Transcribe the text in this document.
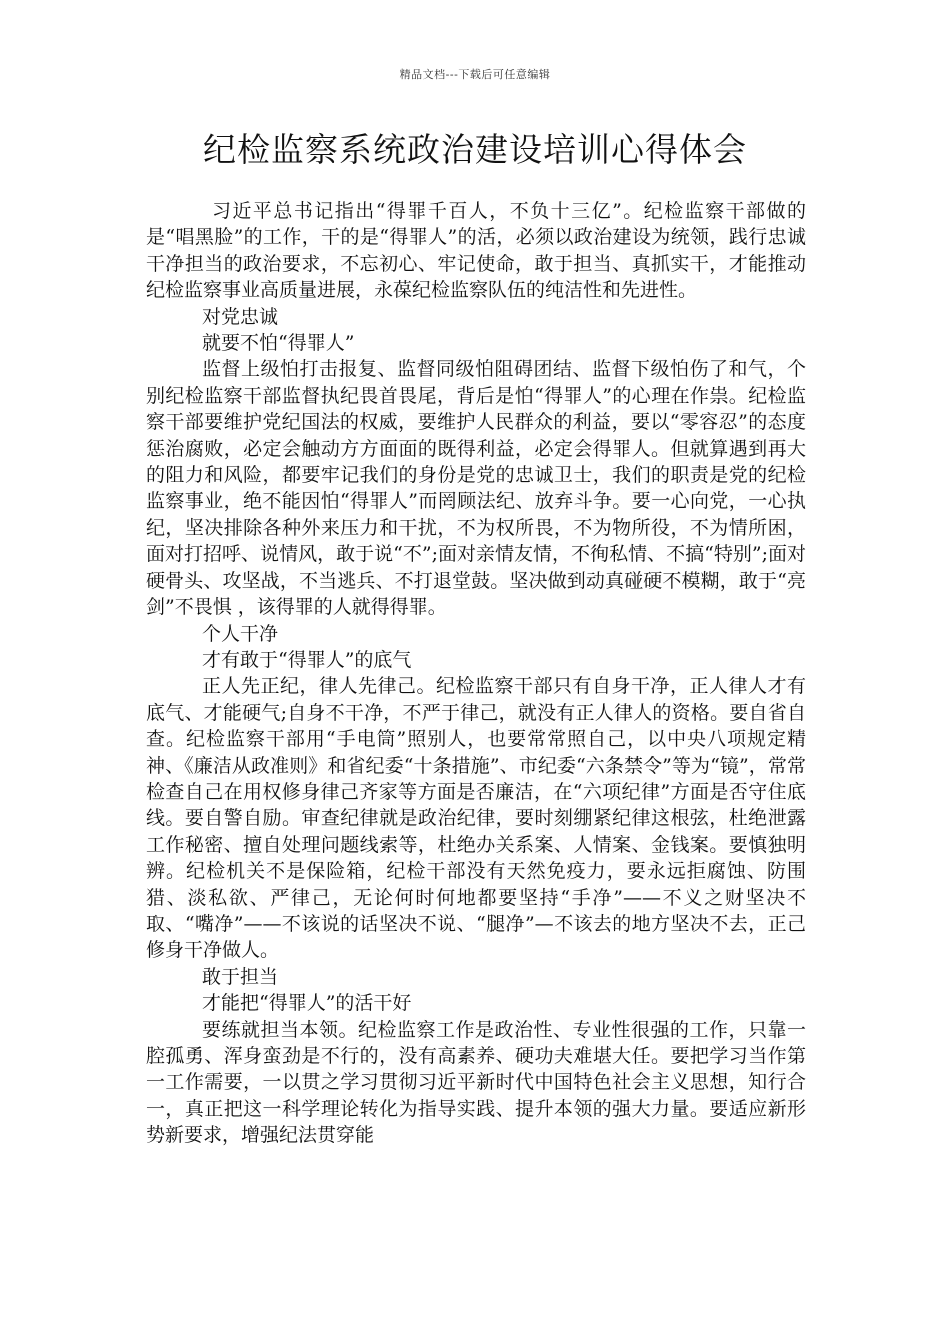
精品文档---下载后可任意编辑
纪检监察系统政治建设培训心得体会

习近平总书记指出“得罪千百人，不负十三亿”。纪检监察干部做的是“唱黑脸”的工作，干的是“得罪人”的活，必须以政治建设为统领，践行忠诚干净担当的政治要求，不忘初心、牢记使命，敢于担当、真抓实干，才能推动纪检监察事业高质量进展，永葆纪检监察队伍的纯洁性和先进性。

对党忠诚

就要不怕“得罪人”

监督上级怕打击报复、监督同级怕阻碍团结、监督下级怕伤了和气，个别纪检监察干部监督执纪畏首畏尾，背后是怕“得罪人”的心理在作祟。纪检监察干部要维护党纪国法的权威，要维护人民群众的利益，要以“零容忍”的态度惩治腐败，必定会触动方方面面的既得利益，必定会得罪人。但就算遇到再大的阻力和风险，都要牢记我们的身份是党的忠诚卫士，我们的职责是党的纪检监察事业，绝不能因怕“得罪人”而罔顾法纪、放弃斗争。要一心向党，一心执纪，坚决排除各种外来压力和干扰，不为权所畏，不为物所役，不为情所困，面对打招呼、说情风，敢于说“不”;面对亲情友情，不徇私情、不搞“特别”;面对硬骨头、攻坚战，不当逃兵、不打退堂鼓。坚决做到动真碰硬不模糊，敢于“亮剑”不畏惧 ，该得罪的人就得得罪。

个人干净

才有敢于“得罪人”的底气

正人先正纪，律人先律己。纪检监察干部只有自身干净，正人律人才有底气、才能硬气;自身不干净，不严于律己，就没有正人律人的资格。要自省自查。纪检监察干部用“手电筒”照别人，也要常常照自己，以中央八项规定精神、《廉洁从政准则》和省纪委“十条措施”、市纪委“六条禁令”等为“镜”，常常检查自己在用权修身律己齐家等方面是否廉洁，在“六项纪律”方面是否守住底线。要自警自励。审查纪律就是政治纪律，要时刻绷紧纪律这根弦，杜绝泄露工作秘密、擅自处理问题线索等，杜绝办关系案、人情案、金钱案。要慎独明辨。纪检机关不是保险箱，纪检干部没有天然免疫力，要永远拒腐蚀、防围猎、淡私欲、严律己，无论何时何地都要坚持“手净”——不义之财坚决不取、“嘴净”——不该说的话坚决不说、“腿净”—不该去的地方坚决不去，正己修身干净做人。

敢于担当

才能把“得罪人”的活干好

要练就担当本领。纪检监察工作是政治性、专业性很强的工作，只靠一腔孤勇、浑身蛮劲是不行的，没有高素养、硬功夫难堪大任。要把学习当作第一工作需要，一以贯之学习贯彻习近平新时代中国特色社会主义思想，知行合一，真正把这一科学理论转化为指导实践、提升本领的强大力量。要适应新形势新要求，增强纪法贯穿能
